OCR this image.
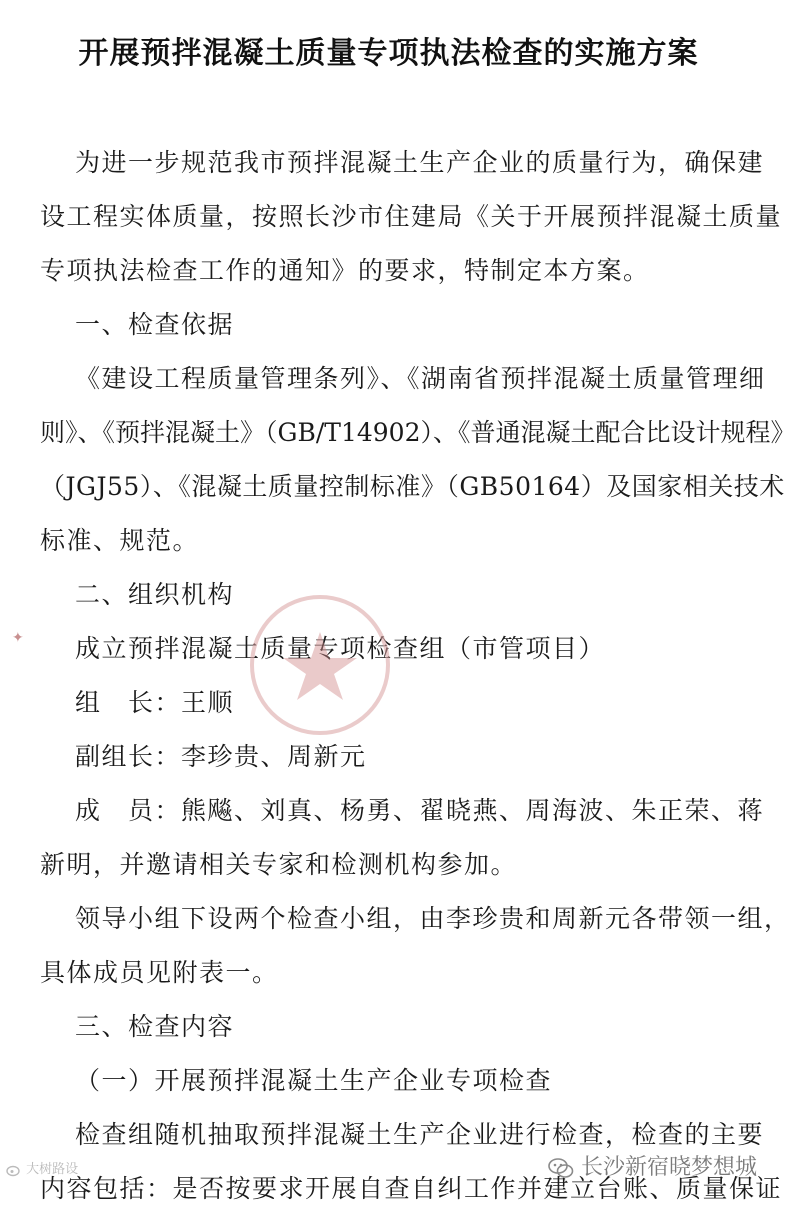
开展预拌混凝土质量专项执法检查的实施方案
为进一步规范我市预拌混凝土生产企业的质量行为，确保建
设工程实体质量，按照长沙市住建局《关于开展预拌混凝土质量
专项执法检查工作的通知》的要求，特制定本方案。
一、检查依据
《建设工程质量管理条列》、《湖南省预拌混凝土质量管理细
则》、《预拌混凝土》（GB/T14902）、《普通混凝土配合比设计规程》
（JGJ55）、《混凝土质量控制标准》（GB50164）及国家相关技术
标准、规范。
二、组织机构
成立预拌混凝土质量专项检查组（市管项目）
组　长：王顺
副组长：李珍贵、周新元
成　员：熊飚、刘真、杨勇、翟晓燕、周海波、朱正荣、蒋
新明，并邀请相关专家和检测机构参加。
领导小组下设两个检查小组，由李珍贵和周新元各带领一组，
具体成员见附表一。
三、检查内容
（一）开展预拌混凝土生产企业专项检查
检查组随机抽取预拌混凝土生产企业进行检查，检查的主要
内容包括：是否按要求开展自查自纠工作并建立台账、质量保证
✦
大树路设	长沙新宿晓梦想城
